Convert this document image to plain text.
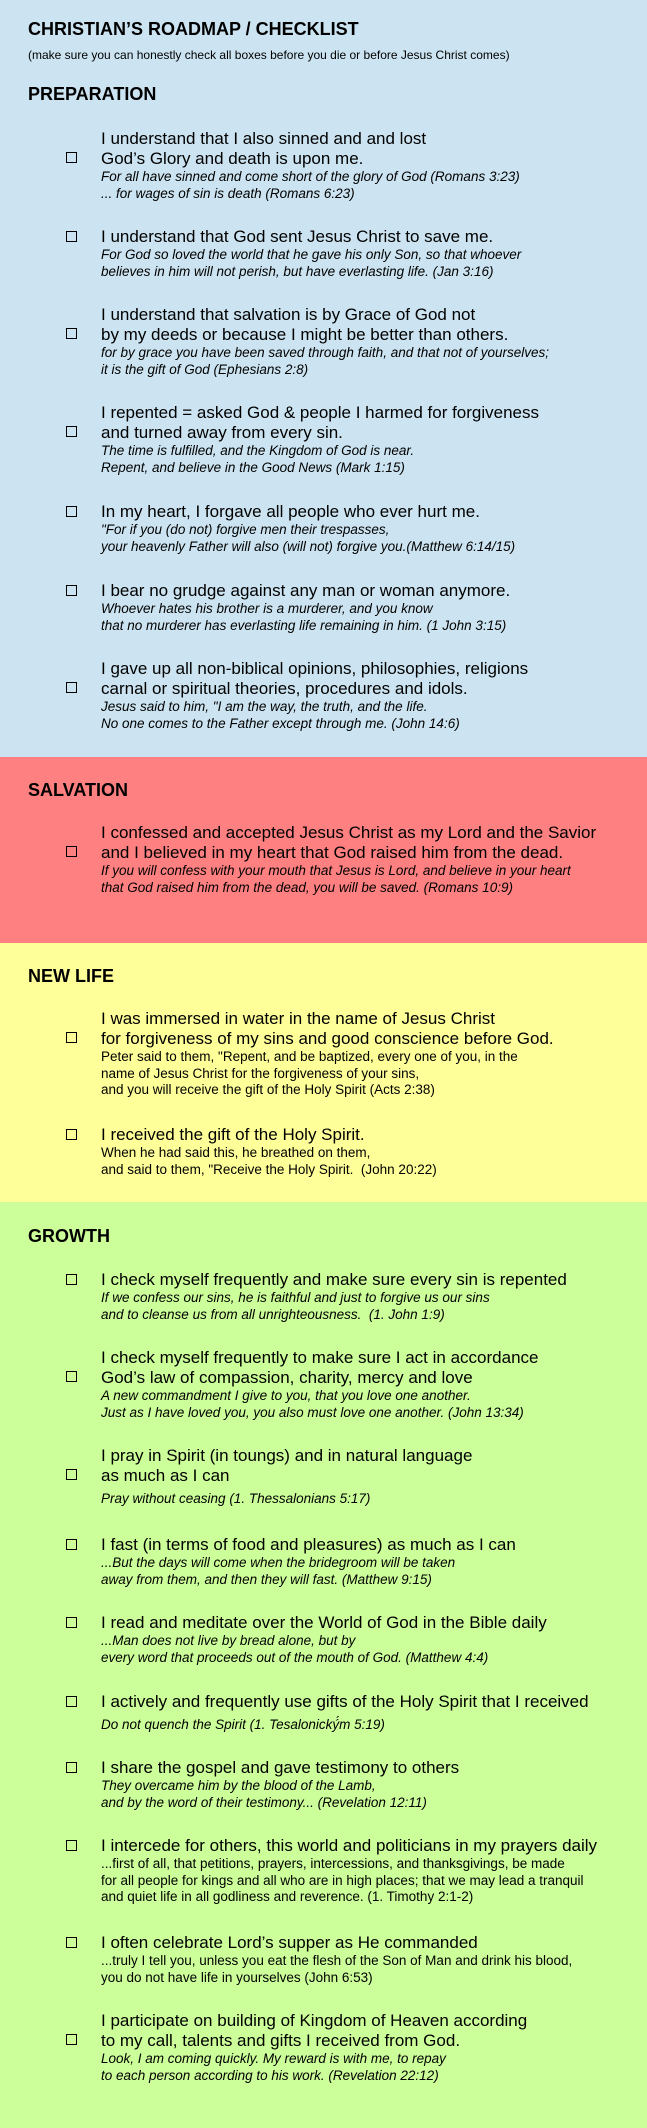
CHRISTIAN’S ROADMAP / CHECKLIST
(make sure you can honestly check all boxes before you die or before Jesus Christ comes)
PREPARATION
I understand that I also sinned and and lost
God’s Glory and death is upon me.
For all have sinned and come short of the glory of God (Romans 3:23)
... for wages of sin is death (Romans 6:23)
I understand that God sent Jesus Christ to save me.
For God so loved the world that he gave his only Son, so that whoever
believes in him will not perish, but have everlasting life. (Jan 3:16)
I understand that salvation is by Grace of God not
by my deeds or because I might be better than others.
for by grace you have been saved through faith, and that not of yourselves;
it is the gift of God (Ephesians 2:8)
I repented = asked God & people I harmed for forgiveness
and turned away from every sin.
The time is fulfilled, and the Kingdom of God is near.
Repent, and believe in the Good News (Mark 1:15)
In my heart, I forgave all people who ever hurt me.
"For if you (do not) forgive men their trespasses,
your heavenly Father will also (will not) forgive you.(Matthew 6:14/15)
I bear no grudge against any man or woman anymore.
Whoever hates his brother is a murderer, and you know
that no murderer has everlasting life remaining in him. (1 John 3:15)
I gave up all non-biblical opinions, philosophies, religions
carnal or spiritual theories, procedures and idols.
Jesus said to him, "I am the way, the truth, and the life.
No one comes to the Father except through me. (John 14:6)
SALVATION
I confessed and accepted Jesus Christ as my Lord and the Savior
and I believed in my heart that God raised him from the dead.
If you will confess with your mouth that Jesus is Lord, and believe in your heart
that God raised him from the dead, you will be saved. (Romans 10:9)
NEW LIFE
I was immersed in water in the name of Jesus Christ
for forgiveness of my sins and good conscience before God.
Peter said to them, "Repent, and be baptized, every one of you, in the
name of Jesus Christ for the forgiveness of your sins,
and you will receive the gift of the Holy Spirit (Acts 2:38)
I received the gift of the Holy Spirit.
When he had said this, he breathed on them,
and said to them, "Receive the Holy Spirit.  (John 20:22)
GROWTH
I check myself frequently and make sure every sin is repented
If we confess our sins, he is faithful and just to forgive us our sins
and to cleanse us from all unrighteousness.  (1. John 1:9)
I check myself frequently to make sure I act in accordance
God’s law of compassion, charity, mercy and love
A new commandment I give to you, that you love one another.
Just as I have loved you, you also must love one another. (John 13:34)
I pray in Spirit (in toungs) and in natural language
as much as I can
Pray without ceasing (1. Thessalonians 5:17)
I fast (in terms of food and pleasures) as much as I can
...But the days will come when the bridegroom will be taken
away from them, and then they will fast. (Matthew 9:15)
I read and meditate over the World of God in the Bible daily
...Man does not live by bread alone, but by
every word that proceeds out of the mouth of God. (Matthew 4:4)
I actively and frequently use gifts of the Holy Spirit that I received
Do not quench the Spirit (1. Tesalonický́m 5:19)
I share the gospel and gave testimony to others
They overcame him by the blood of the Lamb,
and by the word of their testimony... (Revelation 12:11)
I intercede for others, this world and politicians in my prayers daily
...first of all, that petitions, prayers, intercessions, and thanksgivings, be made
for all people for kings and all who are in high places; that we may lead a tranquil
and quiet life in all godliness and reverence. (1. Timothy 2:1-2)
I often celebrate Lord’s supper as He commanded
...truly I tell you, unless you eat the flesh of the Son of Man and drink his blood,
you do not have life in yourselves (John 6:53)
I participate on building of Kingdom of Heaven according
to my call, talents and gifts I received from God.
Look, I am coming quickly. My reward is with me, to repay
to each person according to his work. (Revelation 22:12)
